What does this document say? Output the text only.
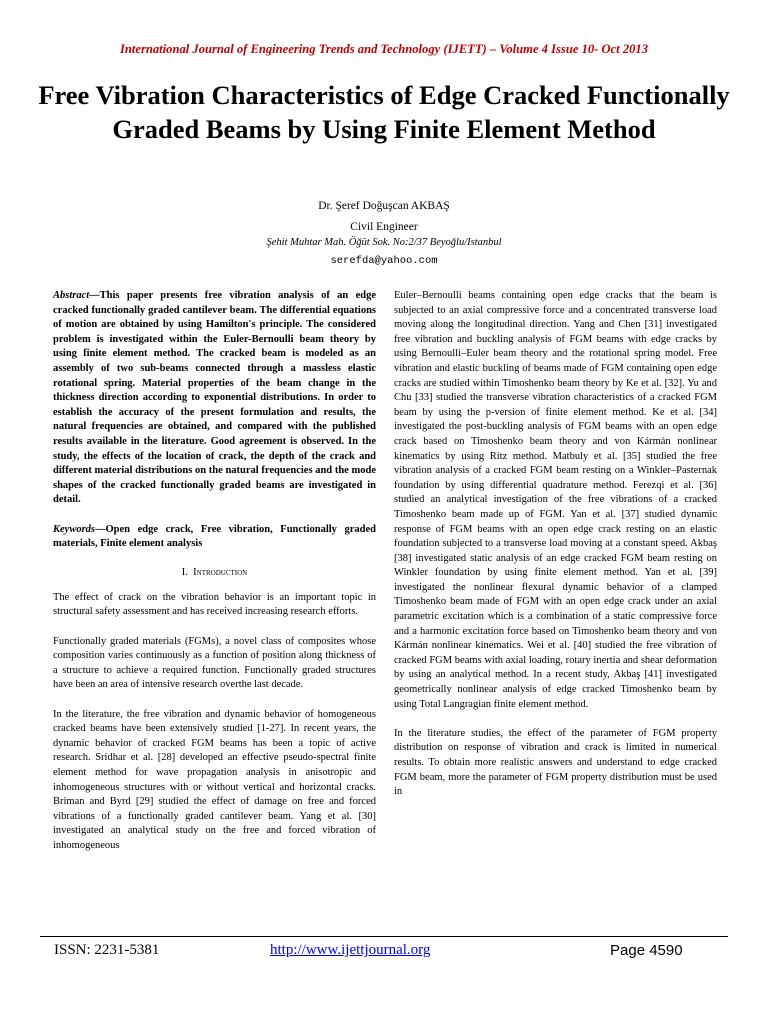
International Journal of Engineering Trends and Technology (IJETT) – Volume 4 Issue 10- Oct 2013

Free Vibration Characteristics of Edge Cracked Functionally Graded Beams by Using Finite Element Method

Dr. Şeref Doğuşcan AKBAŞ

Civil Engineer

Şehit Muhtar Mah. Öğüt Sok. No:2/37 Beyoğlu/Istanbul

serefda@yahoo.com

Abstract—This paper presents free vibration analysis of an edge cracked functionally graded cantilever beam. The differential equations of motion are obtained by using Hamilton's principle. The considered problem is investigated within the Euler-Bernoulli beam theory by using finite element method. The cracked beam is modeled as an assembly of two sub-beams connected through a massless elastic rotational spring. Material properties of the beam change in the thickness direction according to exponential distributions. In order to establish the accuracy of the present formulation and results, the natural frequencies are obtained, and compared with the published results available in the literature. Good agreement is observed. In the study, the effects of the location of crack, the depth of the crack and different material distributions on the natural frequencies and the mode shapes of the cracked functionally graded beams are investigated in detail.

Keywords—Open edge crack, Free vibration, Functionally graded materials, Finite element analysis

I. Introduction

The effect of crack on the vibration behavior is an important topic in structural safety assessment and has received increasing research efforts.

Functionally graded materials (FGMs), a novel class of composites whose composition varies continuously as a function of position along thickness of a structure to achieve a required function. Functionally graded structures have been an area of intensive research overthe last decade.

In the literature, the free vibration and dynamic behavior of homogeneous cracked beams have been extensively studied [1-27]. In recent years, the dynamic behavior of cracked FGM beams has been a topic of active research. Sridhar et al. [28] developed an effective pseudo-spectral finite element method for wave propagation analysis in anisotropic and inhomogeneous structures with or without vertical and horizontal cracks. Briman and Byrd [29] studied the effect of damage on free and forced vibrations of a functionally graded cantilever beam. Yang et al. [30] investigated an analytical study on the free and forced vibration of inhomogeneous

Euler–Bernoulli beams containing open edge cracks that the beam is subjected to an axial compressive force and a concentrated transverse load moving along the longitudinal direction. Yang and Chen [31] investigated free vibration and buckling analysis of FGM beams with edge cracks by using Bernoulli–Euler beam theory and the rotational spring model. Free vibration and elastic buckling of beams made of FGM containing open edge cracks are studied within Timoshenko beam theory by Ke et al. [32]. Yu and Chu [33] studied the transverse vibration characteristics of a cracked FGM beam by using the p-version of finite element method. Ke et al. [34] investigated the post-buckling analysis of FGM beams with an open edge crack based on Timoshenko beam theory and von Kármán nonlinear kinematics by using Ritz method. Matbuly et al. [35] studied the free vibration analysis of a cracked FGM beam resting on a Winkler–Pasternak foundation by using differential quadrature method. Ferezqi et al. [36] studied an analytical investigation of the free vibrations of a cracked Timoshenko beam made up of FGM. Yan et al. [37] studied dynamic response of FGM beams with an open edge crack resting on an elastic foundation subjected to a transverse load moving at a constant speed. Akbaş [38] investigated static analysis of an edge cracked FGM beam resting on Winkler foundation by using finite element method. Yan et al. [39] investigated the nonlinear flexural dynamic behavior of a clamped Timoshenko beam made of FGM with an open edge crack under an axial parametric excitation which is a combination of a static compressive force and a harmonic excitation force based on Timoshenko beam theory and von Kármán nonlinear kinematics. Wei et al. [40] studied the free vibration of cracked FGM beams with axial loading, rotary inertia and shear deformation by using an analytical method. In a recent study, Akbaş [41] investigated geometrically nonlinear analysis of edge cracked Timoshenko beam by using Total Langragian finite element method.

In the literature studies, the effect of the parameter of FGM property distribution on response of vibration and crack is limited in numerical results. To obtain more realistic answers and understand to edge cracked FGM beam, more the parameter of FGM property distribution must be used in

ISSN: 2231-5381	http://www.ijettjournal.org	Page 4590
